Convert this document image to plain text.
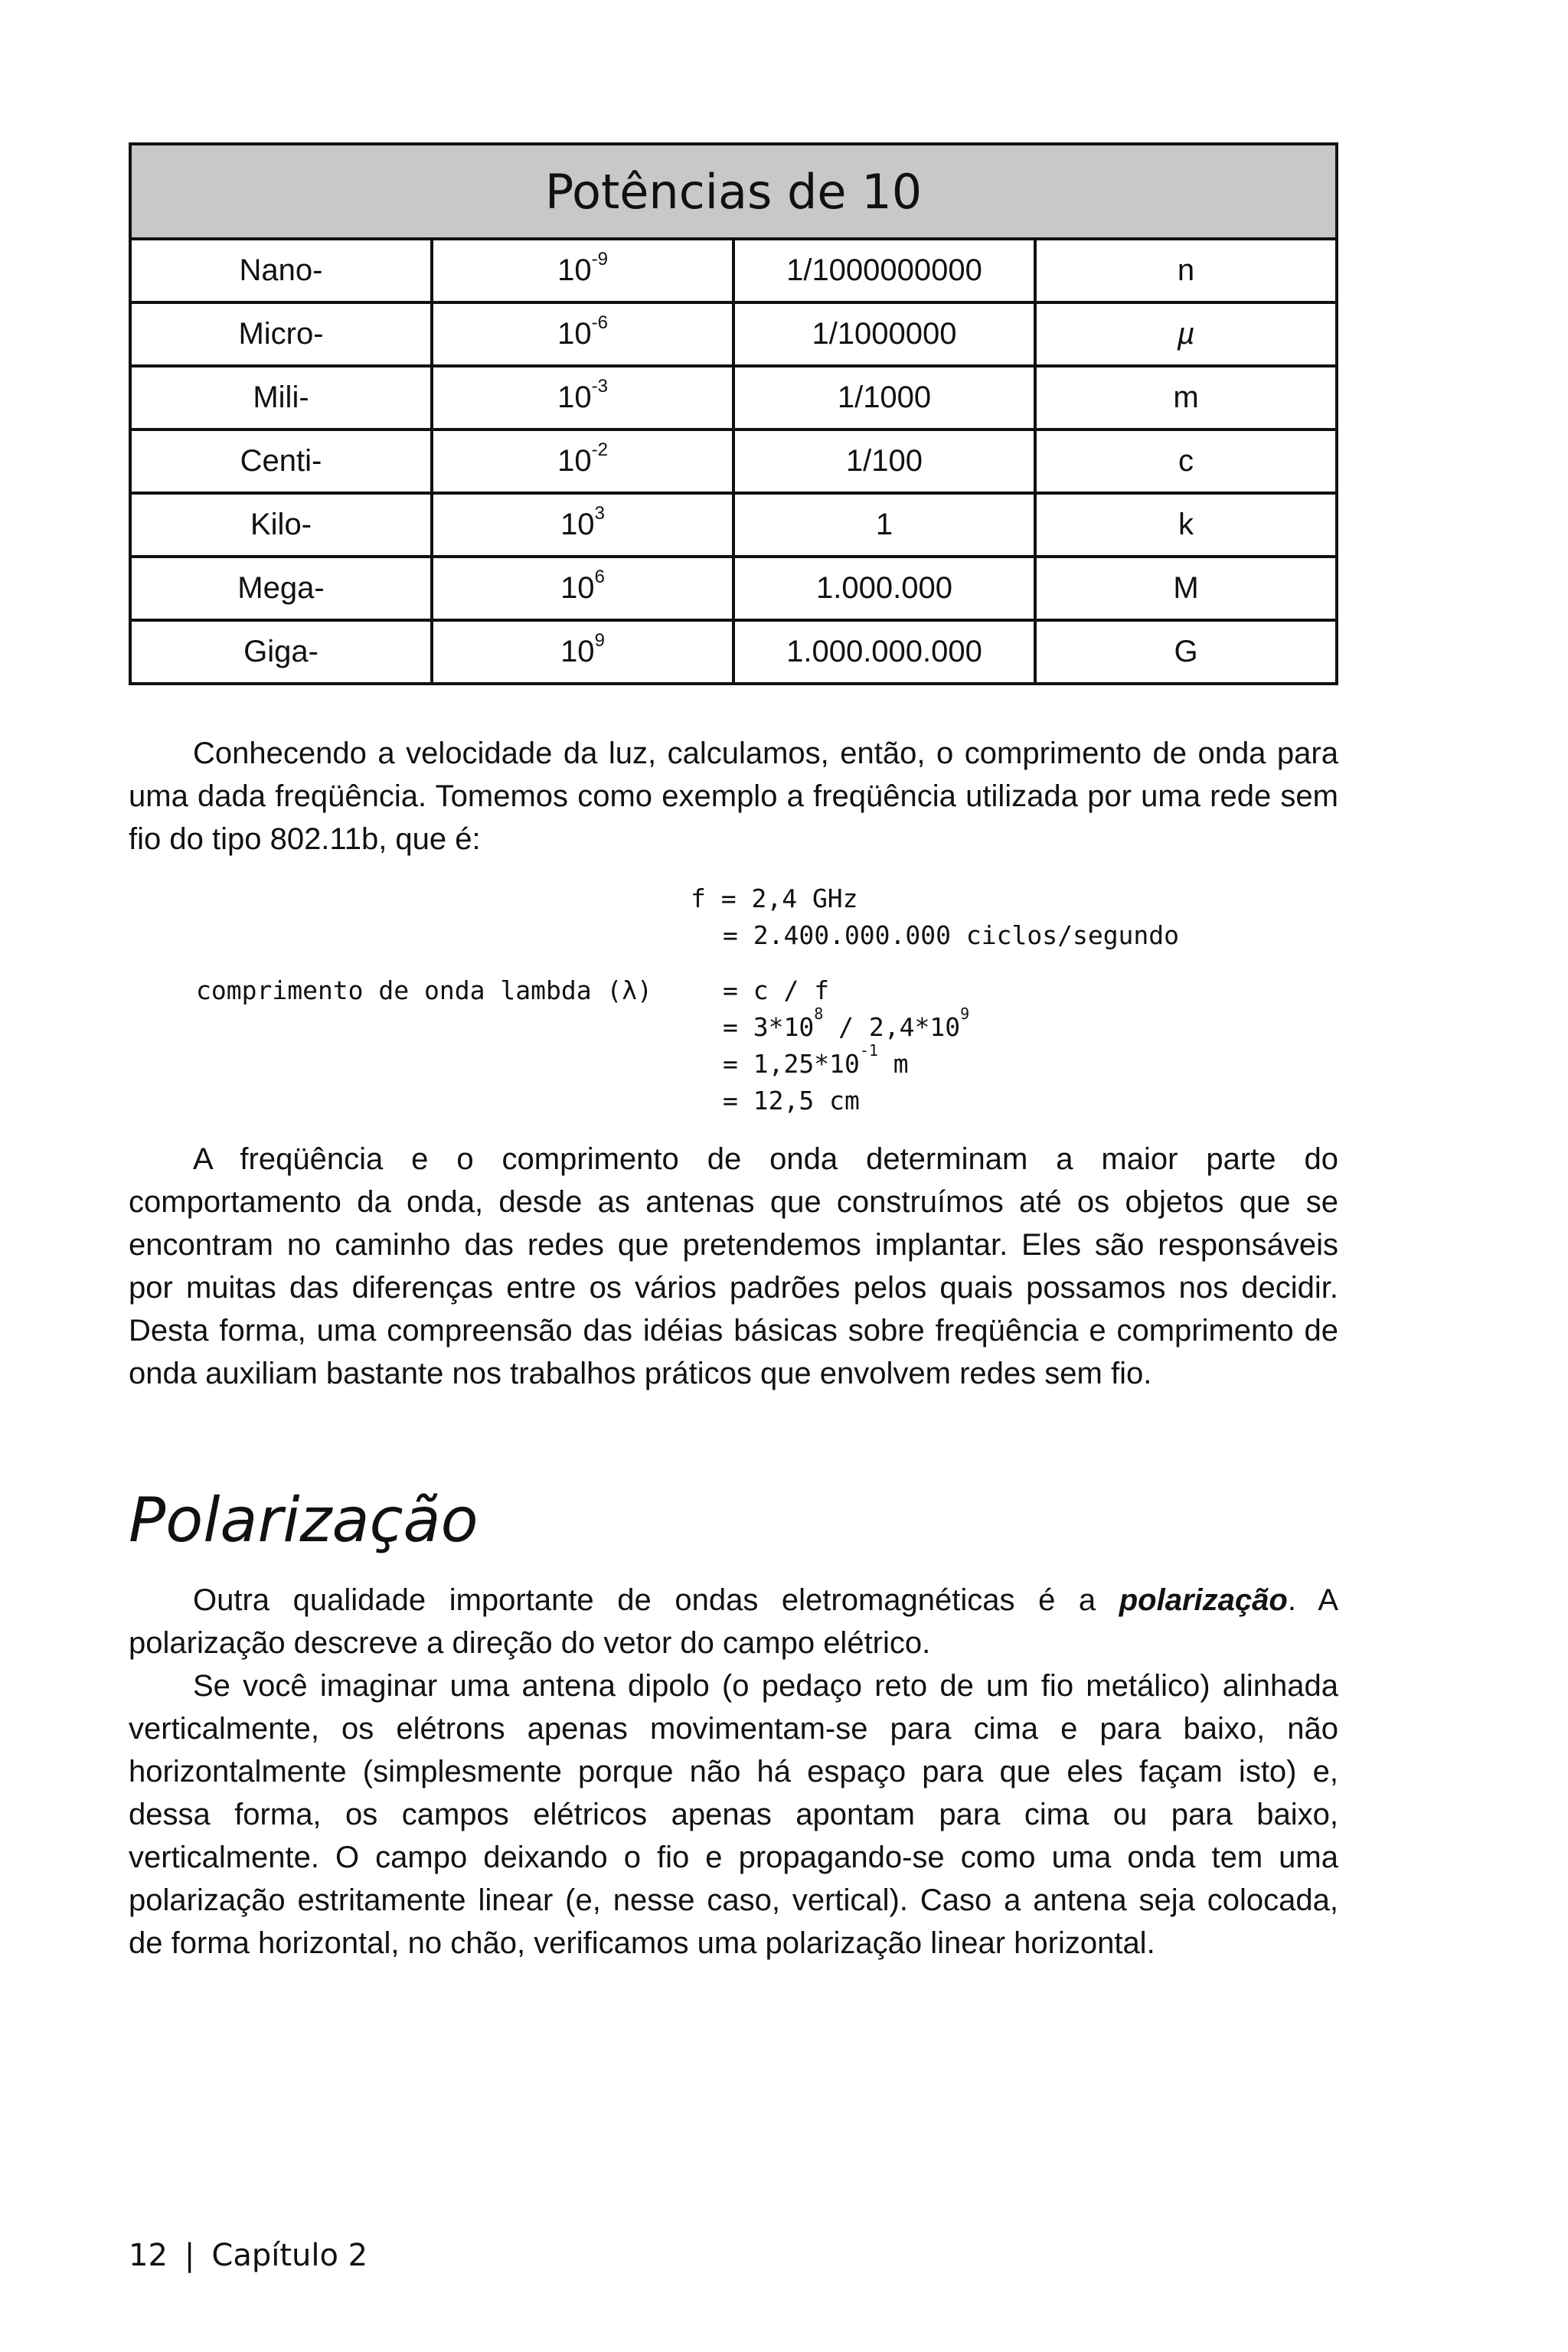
Potências de 10			
Nano-	$10^{-9}$	1/1000000000	n
Micro-	$10^{-6}$	1/1000000	µ
Mili-	$10^{-3}$	1/1000	m
Centi-	$10^{-2}$	1/100	c
Kilo-	$10^3$	1	k
Mega-	$10^6$	1.000.000	M
Giga-	$10^9$	1.000.000.000	G

Conhecendo a velocidade da luz, calculamos, então, o comprimento de onda para uma dada freqüência. Tomemos como exemplo a freqüência utilizada por uma rede sem fio do tipo 802.11b, que é:

f = 2,4 GHz

= 2.400.000.000 ciclos/segundo

comprimento de onda lambda (λ)

	= c / f

= $3*10^8 / 2,4*10^9$

= $1,25*10^{-1}$ m

= 12,5 cm

A freqüência e o comprimento de onda determinam a maior parte do comportamento da onda, desde as antenas que construímos até os objetos que se encontram no caminho das redes que pretendemos implantar. Eles são responsáveis por muitas das diferenças entre os vários padrões pelos quais possamos nos decidir. Desta forma, uma compreensão das idéias básicas sobre freqüência e comprimento de onda auxiliam bastante nos trabalhos práticos que envolvem redes sem fio.

Polarização

Outra qualidade importante de ondas eletromagnéticas é a polarização. A polarização descreve a direção do vetor do campo elétrico.

Se você imaginar uma antena dipolo (o pedaço reto de um fio metálico) alinhada verticalmente, os elétrons apenas movimentam-se para cima e para baixo, não horizontalmente (simplesmente porque não há espaço para que eles façam isto) e, dessa forma, os campos elétricos apenas apontam para cima ou para baixo, verticalmente. O campo deixando o fio e propagando-se como uma onda tem uma polarização estritamente linear (e, nesse caso, vertical). Caso a antena seja colocada, de forma horizontal, no chão, verificamos uma polarização linear horizontal.

12 | Capítulo 2
